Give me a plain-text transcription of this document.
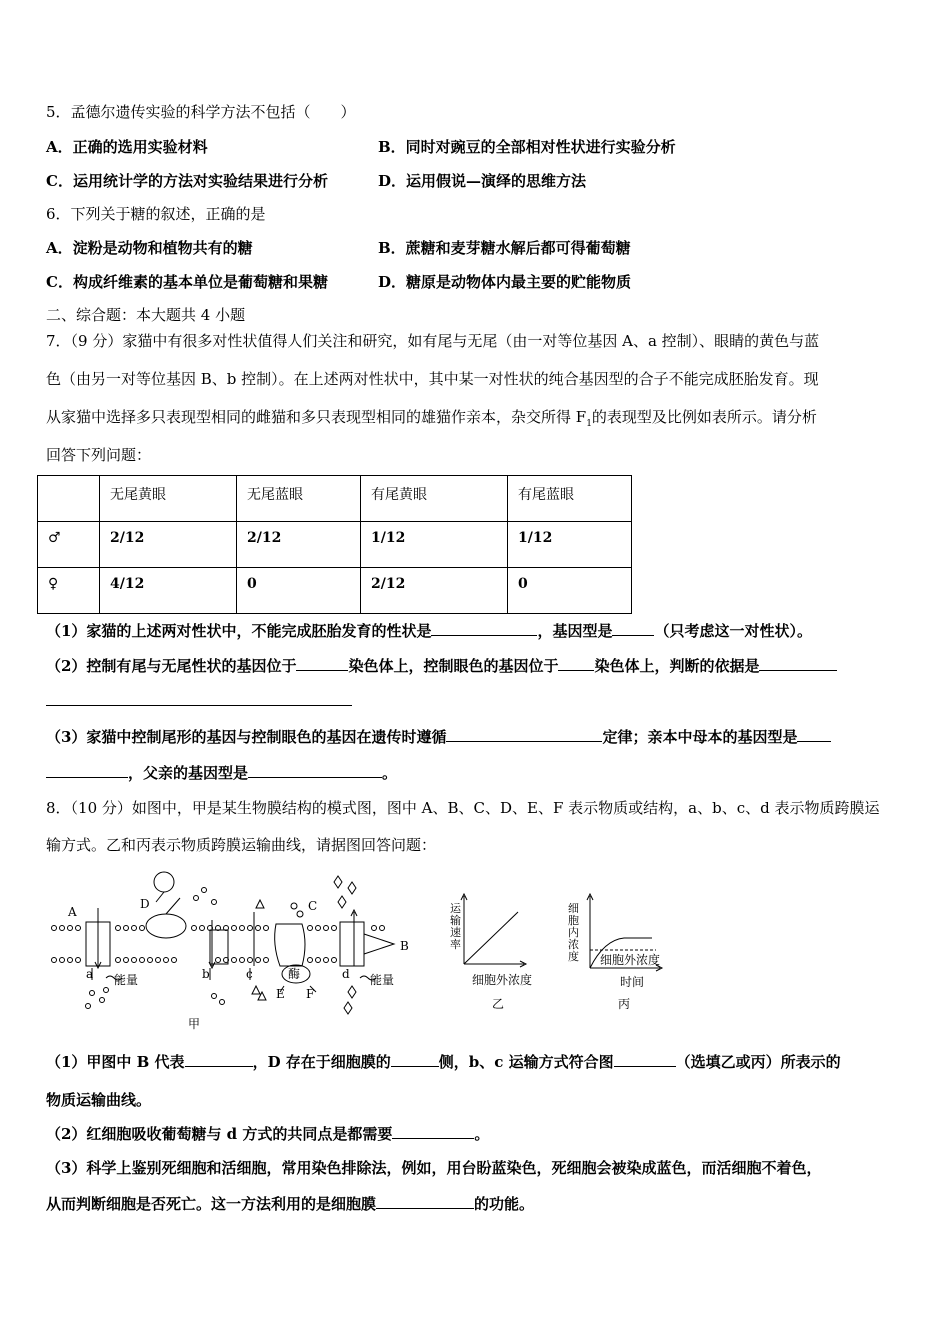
5．孟德尔遗传实验的科学方法不包括（　　）
A．正确的选用实验材料	B．同时对豌豆的全部相对性状进行实验分析
C．运用统计学的方法对实验结果进行分析	D．运用假说—演绎的思维方法
6．下列关于糖的叙述，正确的是
A．淀粉是动物和植物共有的糖	B．蔗糖和麦芽糖水解后都可得葡萄糖
C．构成纤维素的基本单位是葡萄糖和果糖	D．糖原是动物体内最主要的贮能物质
二、综合题：本大题共 4 小题
7．（9 分）家猫中有很多对性状值得人们关注和研究，如有尾与无尾（由一对等位基因 A、a 控制）、眼睛的黄色与蓝
色（由另一对等位基因 B、b 控制）。在上述两对性状中，其中某一对性状的纯合基因型的合子不能完成胚胎发育。现
从家猫中选择多只表现型相同的雌猫和多只表现型相同的雄猫作亲本，杂交所得 $F_1$的表现型及比例如表所示。请分析
回答下列问题：
	无尾黄眼	无尾蓝眼	有尾黄眼	有尾蓝眼
♂	2/12	2/12	1/12	1/12
♀	4/12	0	2/12	0
（1）家猫的上述两对性状中，不能完成胚胎发育的性状是	，基因型是	（只考虑这一对性状）。
（2）控制有尾与无尾性状的基因位于	染色体上，控制眼色的基因位于 染色体上，判断的依据是
（3）家猫中控制尾形的基因与控制眼色的基因在遗传时遵循	定律；亲本中母本的基因型是
，父亲的基因型是	。
8．（10 分）如图中，甲是某生物膜结构的模式图，图中 A、B、C、D、E、F 表示物质或结构，a、b、c、d 表示物质跨膜运
输方式。乙和丙表示物质跨膜运输曲线，请据图回答问题：
A
D	C
B
E F
a	b	c	d
能量	能量
酶
甲
运
输
速
率
细胞外浓度
乙
细
胞
内
浓
度 细胞外浓度
时间
丙
（1）甲图中 B 代表	，D 存在于细胞膜的	侧，b、c 运输方式符合图	（选填乙或丙）所表示的
物质运输曲线。
（2）红细胞吸收葡萄糖与 d 方式的共同点是都需要	。
（3）科学上鉴别死细胞和活细胞，常用染色排除法，例如，用台盼蓝染色，死细胞会被染成蓝色，而活细胞不着色，
从而判断细胞是否死亡。这一方法利用的是细胞膜	的功能。
